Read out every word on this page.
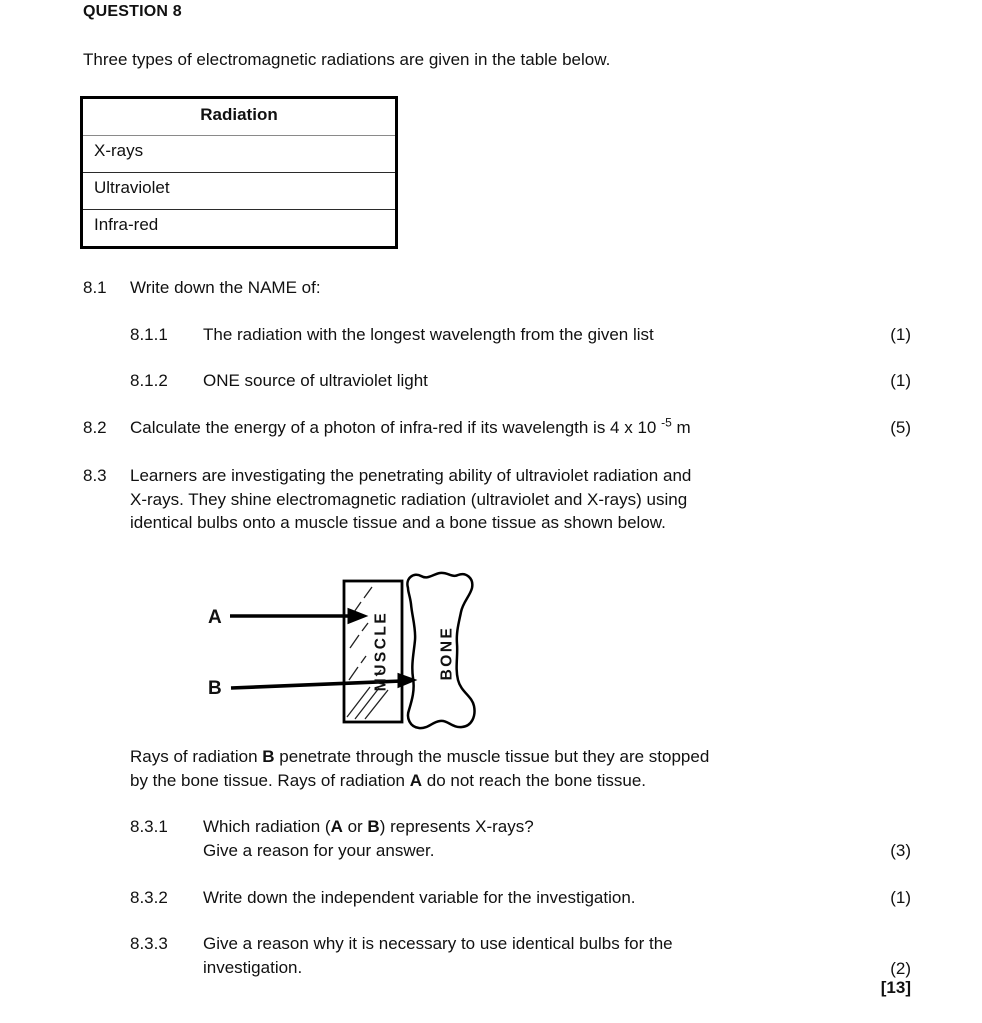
QUESTION 8
Three types of electromagnetic radiations are given in the table below.
Radiation
X-rays
Ultraviolet
Infra-red
8.1 Write down the NAME of:
8.1.1 The radiation with the longest wavelength from the given list	(1)
8.1.2 ONE source of ultraviolet light	(1)
8.2 Calculate the energy of a photon of infra-red if its wavelength is 4 x 10 $^{-5}$ m	(5)
8.3 Learners are investigating the penetrating ability of ultraviolet radiation and
X-rays. They shine electromagnetic radiation (ultraviolet and X-rays) using
identical bulbs onto a muscle tissue and a bone tissue as shown below.
A
B	MUSCLE	BONE
Rays of radiation B penetrate through the muscle tissue but they are stopped
by the bone tissue. Rays of radiation A do not reach the bone tissue.
8.3.1 Which radiation (A or B) represents X-rays?
Give a reason for your answer.	(3)
8.3.2 Write down the independent variable for the investigation.	(1)
8.3.3 Give a reason why it is necessary to use identical bulbs for the
investigation.	(2)
[13]
